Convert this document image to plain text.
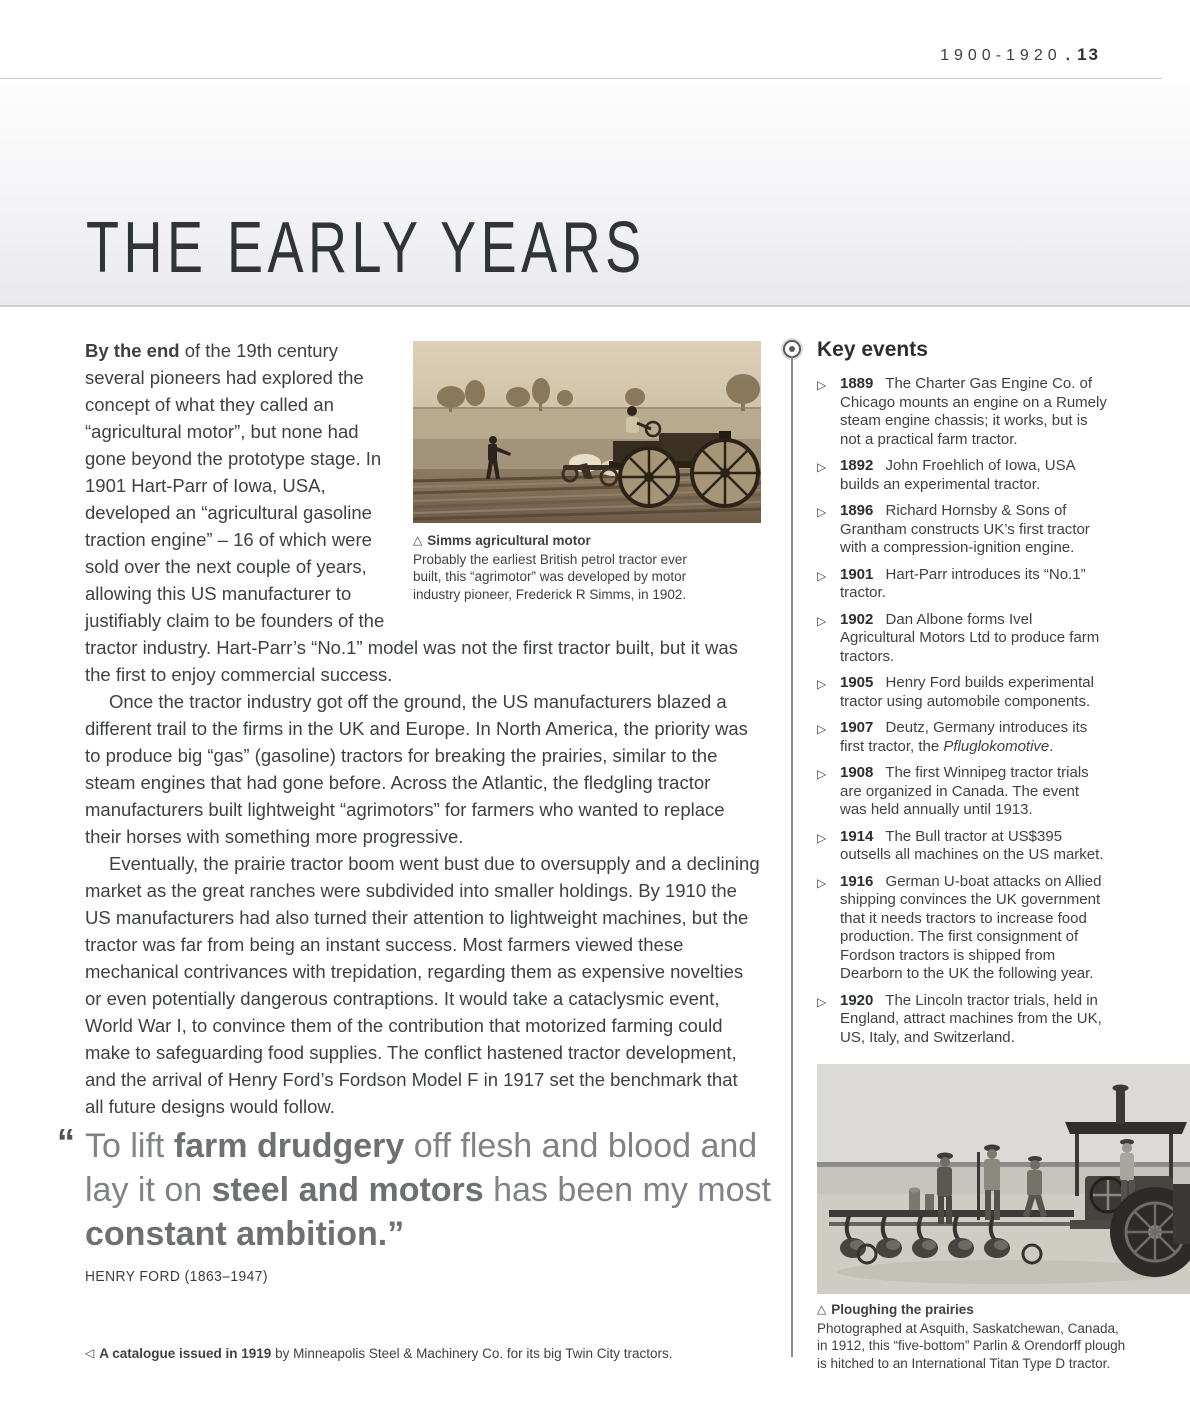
1900-1920 . 13
THE EARLY YEARS
△ Simms agricultural motor
Probably the earliest British petrol tractor ever built, this “agrimotor” was developed by motor industry pioneer, Frederick R Simms, in 1902.

By the end of the 19th century several pioneers had explored the concept of what they called an “agricultural motor”, but none had gone beyond the prototype stage. In 1901 Hart-Parr of Iowa, USA, developed an “agricultural gasoline traction engine” – 16 of which were sold over the next couple of years, allowing this US manufacturer to justifiably claim to be founders of the tractor industry. Hart-Parr’s “No.1” model was not the first tractor built, but it was the first to enjoy commercial success.

Once the tractor industry got off the ground, the US manufacturers blazed a different trail to the firms in the UK and Europe. In North America, the priority was to produce big “gas” (gasoline) tractors for breaking the prairies, similar to the steam engines that had gone before. Across the Atlantic, the fledgling tractor manufacturers built lightweight “agrimotors” for farmers who wanted to replace their horses with something more progressive.

Eventually, the prairie tractor boom went bust due to oversupply and a declining market as the great ranches were subdivided into smaller holdings. By 1910 the US manufacturers had also turned their attention to lightweight machines, but the tractor was far from being an instant success. Most farmers viewed these mechanical contrivances with trepidation, regarding them as expensive novelties or even potentially dangerous contraptions. It would take a cataclysmic event, World War I, to convince them of the contribution that motorized farming could make to safeguarding food supplies. The conflict hastened tractor development, and the arrival of Henry Ford’s Fordson Model F in 1917 set the benchmark that all future designs would follow.

“ To lift farm drudgery off flesh and blood and lay it on steel and motors has been my most constant ambition.”
HENRY FORD (1863–1947)
◁ A catalogue issued in 1919 by Minneapolis Steel & Machinery Co. for its big Twin City tractors.
Key events
▷ 1889 The Charter Gas Engine Co. of Chicago mounts an engine on a Rumely steam engine chassis; it works, but is not a practical farm tractor.
▷ 1892 John Froehlich of Iowa, USA builds an experimental tractor.
▷ 1896 Richard Hornsby & Sons of Grantham constructs UK’s first tractor with a compression-ignition engine.
▷ 1901 Hart-Parr introduces its “No.1” tractor.
▷ 1902 Dan Albone forms Ivel Agricultural Motors Ltd to produce farm tractors.
▷ 1905 Henry Ford builds experimental tractor using automobile components.
▷ 1907 Deutz, Germany introduces its first tractor, the Pfluglokomotive.
▷ 1908 The first Winnipeg tractor trials are organized in Canada. The event was held annually until 1913.
▷ 1914 The Bull tractor at US$395 outsells all machines on the US market.
▷ 1916 German U-boat attacks on Allied shipping convinces the UK government that it needs tractors to increase food production. The first consignment of Fordson tractors is shipped from Dearborn to the UK the following year.
▷ 1920 The Lincoln tractor trials, held in England, attract machines from the UK, US, Italy, and Switzerland.
△ Ploughing the prairies
Photographed at Asquith, Saskatchewan, Canada, in 1912, this “five-bottom” Parlin & Orendorff plough is hitched to an International Titan Type D tractor.
